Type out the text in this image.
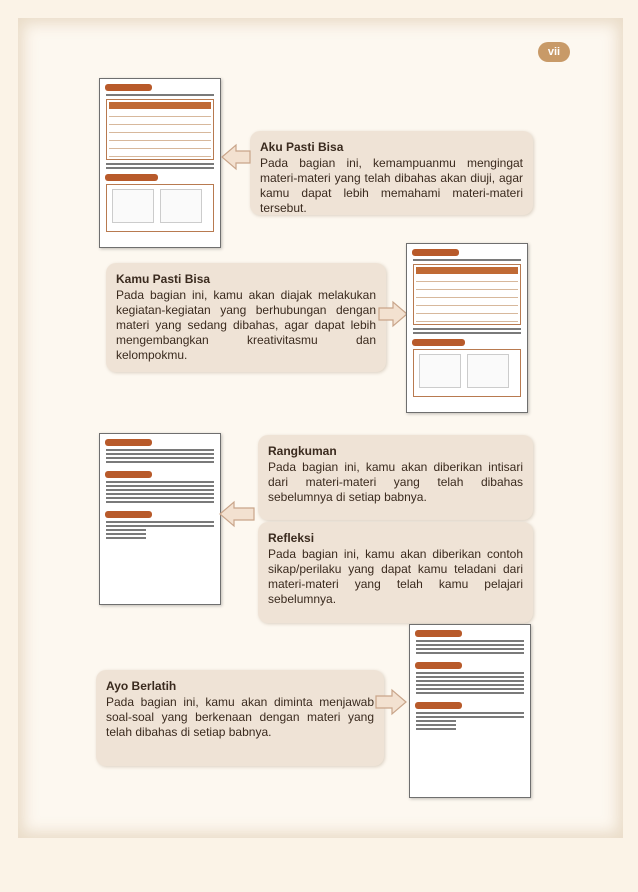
vii
Aku Pasti Bisa
Pada bagian ini, kemampuanmu mengingat materi-materi yang telah dibahas akan diuji, agar kamu dapat lebih memahami materi-materi tersebut.
Kamu Pasti Bisa
Pada bagian ini, kamu akan diajak melakukan kegiatan-kegiatan yang berhubungan dengan materi yang sedang dibahas, agar dapat lebih mengembangkan kreativitasmu dan kelompokmu.
Rangkuman
Pada bagian ini, kamu akan diberikan intisari dari materi-materi yang telah dibahas sebelumnya di setiap babnya.
Refleksi
Pada bagian ini, kamu akan diberikan contoh sikap/perilaku yang dapat kamu teladani dari materi-materi yang telah kamu pelajari sebelumnya.
Ayo Berlatih
Pada bagian ini, kamu akan diminta menjawab soal-soal yang berkenaan dengan materi yang telah dibahas di setiap babnya.
